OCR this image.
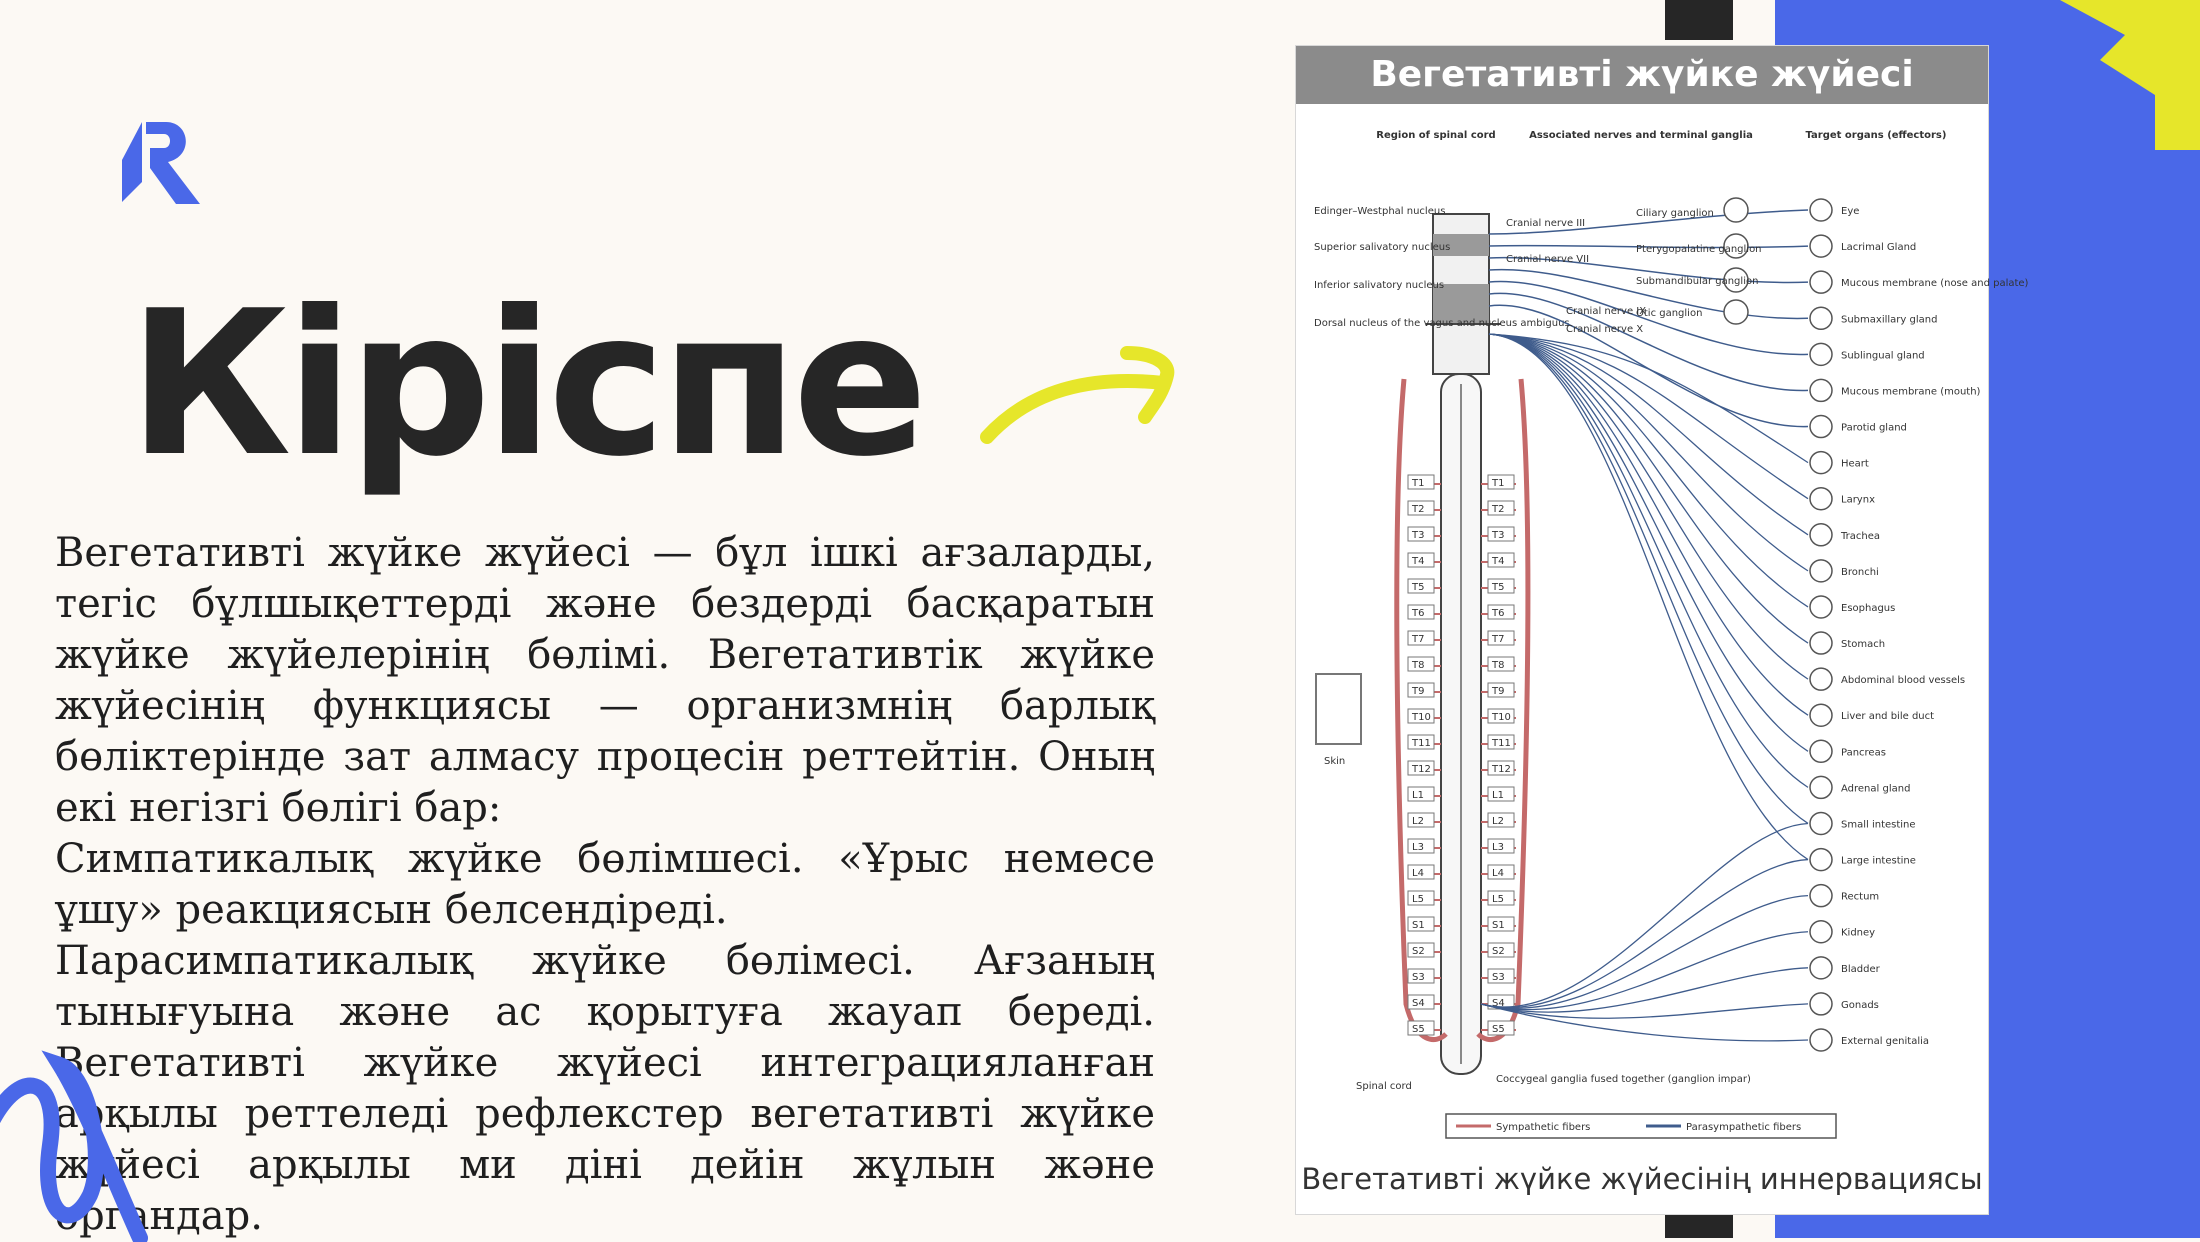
Кіріспе

Вегетативті жүйке жүйесі — бұл ішкі ағзаларды, тегіс бұлшықеттерді және бездерді басқаратын жүйке жүйелерінің бөлімі. Вегетативтік жүйке жүйесінің функциясы — организмнің барлық бөліктерінде зат алмасу процесін реттейтін. Оның екі негізгі бөлігі бар:

Симпатикалық жүйке бөлімшесі. «Ұрыс немесе ұшу» реакциясын белсендіреді.

Парасимпатикалық жүйке бөлімесі. Ағзаның тынығуына және ас қорытуға жауап береді. Вегетативті жүйке жүйесі интеграцияланған арқылы реттеледі рефлекстер вегетативті жүйке жүйесі арқылы ми діні дейін жұлын және органдар.

Вегетативті жүйке жүйесі
Region of spinal cord	Associated nerves and terminal ganglia	Target organs (effectors)
Edinger–Westphal nucleus
Superior salivatory nucleus
Inferior salivatory nucleus
Dorsal nucleus of the vagus and nucleus ambiguus
T1	T1
T2	T2
T3	T3
T4	T4
T5	T5
T6	T6
T7	T7
T8	T8
T9	T9
T10	T10
T11	T11
T12	T12
L1	L1
L2	L2
L3	L3
L4	L4
L5	L5
S1	S1
S2	S2
S3	S3
S4	S4
S5	S5
Cranial nerve III
Cranial nerve VII
Cranial nerve IX
Cranial nerve X
Ciliary ganglion
Pterygopalatine ganglion
Submandibular ganglion
Otic ganglion
Skin
Spinal cord
Coccygeal ganglia fused together (ganglion impar)
Sympathetic fibers	Parasympathetic fibers
Eye
Lacrimal Gland
Mucous membrane (nose and palate)
Submaxillary gland
Sublingual gland
Mucous membrane (mouth)
Parotid gland
Heart
Larynx
Trachea
Bronchi
Esophagus
Stomach
Abdominal blood vessels
Liver and bile duct
Pancreas
Adrenal gland
Small intestine
Large intestine
Rectum
Kidney
Bladder
Gonads
External genitalia
Вегетативті жүйке жүйесінің иннервациясы
